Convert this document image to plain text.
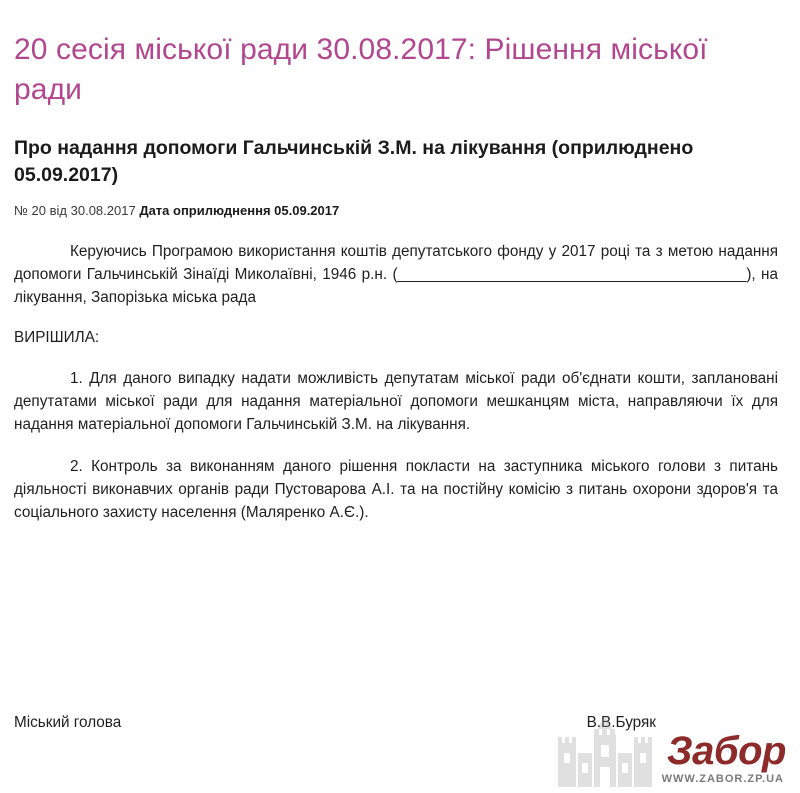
20 сесія міської ради 30.08.2017: Рішення міської ради
Про надання допомоги Гальчинській З.М. на лікування (оприлюднено 05.09.2017)
№ 20 від 30.08.2017 Дата оприлюднення 05.09.2017

Керуючись Програмою використання коштів депутатського фонду у 2017 році та з метою надання допомоги Гальчинській Зінаїді Миколаївні, 1946 р.н. (_________________________________________), на лікування, Запорізька міська рада

ВИРІШИЛА:

1. Для даного випадку надати можливість депутатам міської ради об'єднати кошти, заплановані депутатами міської ради для надання матеріальної допомоги мешканцям міста, направляючи їх для надання матеріальної допомоги Гальчинській З.М. на лікування.

2. Контроль за виконанням даного рішення покласти на заступника міського голови з питань діяльності виконавчих органів ради Пустоварова А.І. та на постійну комісію з питань охорони здоров'я та соціального захисту населення (Маляренко А.Є.).

Міський голова	В.В.Буряк
Забор
WWW.ZABOR.ZP.UA
